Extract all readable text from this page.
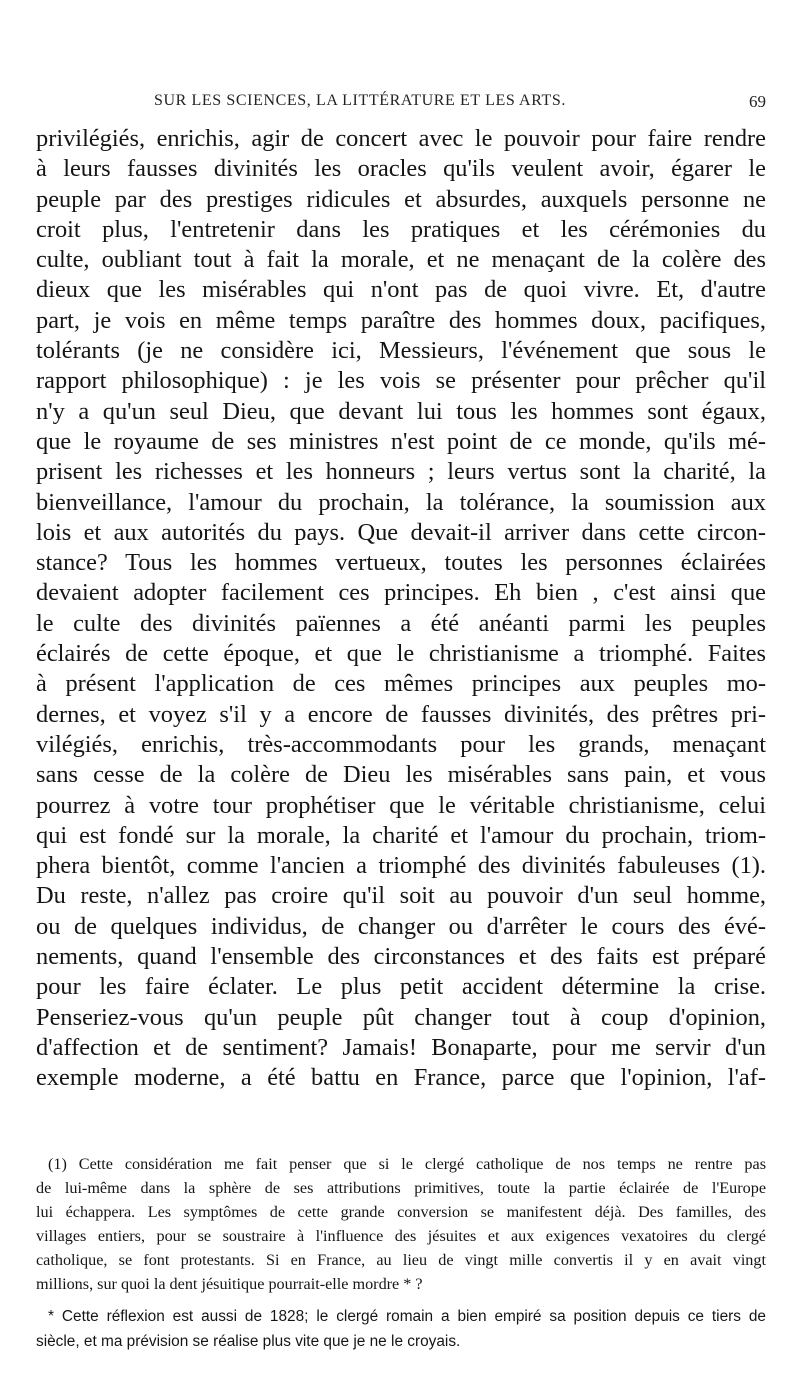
SUR LES SCIENCES, LA LITTÉRATURE ET LES ARTS.	69
privilégiés, enrichis, agir de concert avec le pouvoir pour faire rendre
à leurs fausses divinités les oracles qu'ils veulent avoir, égarer le
peuple par des prestiges ridicules et absurdes, auxquels personne ne
croit plus, l'entretenir dans les pratiques et les cérémonies du
culte, oubliant tout à fait la morale, et ne menaçant de la colère des
dieux que les misérables qui n'ont pas de quoi vivre. Et, d'autre
part, je vois en même temps paraître des hommes doux, pacifiques,
tolérants (je ne considère ici, Messieurs, l'événement que sous le
rapport philosophique) : je les vois se présenter pour prêcher qu'il
n'y a qu'un seul Dieu, que devant lui tous les hommes sont égaux,
que le royaume de ses ministres n'est point de ce monde, qu'ils mé-
prisent les richesses et les honneurs ; leurs vertus sont la charité, la
bienveillance, l'amour du prochain, la tolérance, la soumission aux
lois et aux autorités du pays. Que devait-il arriver dans cette circon-
stance? Tous les hommes vertueux, toutes les personnes éclairées
devaient adopter facilement ces principes. Eh bien , c'est ainsi que
le culte des divinités païennes a été anéanti parmi les peuples
éclairés de cette époque, et que le christianisme a triomphé. Faites
à présent l'application de ces mêmes principes aux peuples mo-
dernes, et voyez s'il y a encore de fausses divinités, des prêtres pri-
vilégiés, enrichis, très-accommodants pour les grands, menaçant
sans cesse de la colère de Dieu les misérables sans pain, et vous
pourrez à votre tour prophétiser que le véritable christianisme, celui
qui est fondé sur la morale, la charité et l'amour du prochain, triom-
phera bientôt, comme l'ancien a triomphé des divinités fabuleuses (1).
Du reste, n'allez pas croire qu'il soit au pouvoir d'un seul homme,
ou de quelques individus, de changer ou d'arrêter le cours des évé-
nements, quand l'ensemble des circonstances et des faits est préparé
pour les faire éclater. Le plus petit accident détermine la crise.
Penseriez-vous qu'un peuple pût changer tout à coup d'opinion,
d'affection et de sentiment? Jamais! Bonaparte, pour me servir d'un
exemple moderne, a été battu en France, parce que l'opinion, l'af-
(1) Cette considération me fait penser que si le clergé catholique de nos temps ne rentre pas
de lui-même dans la sphère de ses attributions primitives, toute la partie éclairée de l'Europe
lui échappera. Les symptômes de cette grande conversion se manifestent déjà. Des familles, des
villages entiers, pour se soustraire à l'influence des jésuites et aux exigences vexatoires du clergé
catholique, se font protestants. Si en France, au lieu de vingt mille convertis il y en avait vingt
millions, sur quoi la dent jésuitique pourrait-elle mordre * ?
* Cette réflexion est aussi de 1828; le clergé romain a bien empiré sa position depuis ce tiers de
siècle, et ma prévision se réalise plus vite que je ne le croyais.
